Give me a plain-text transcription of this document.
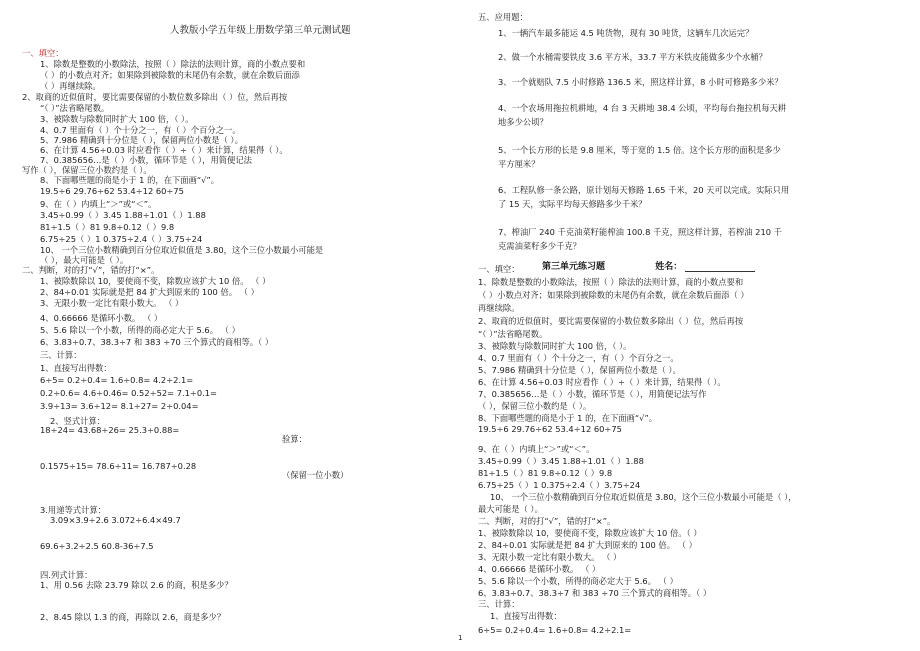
人教版小学五年级上册数学第三单元测试题
一、填空：
1、除数是整数的小数除法，按照（ ）除法的法则计算，商的小数点要和
（ ）的小数点对齐；如果除到被除数的末尾仍有余数，就在余数后面添
（ ）再继续除。
2、取商的近似值时，要比需要保留的小数位数多除出（ ）位，然后再按
“（ ）”法省略尾数。
3、被除数与除数同时扩大 100 倍，（ ）。
4、0.7 里面有（ ）个十分之一，有（ ）个百分之一。
5、7.986 精确到十分位是（ ），保留两位小数是（ ）。
6、在计算 4.56÷0.03 时应看作（ ）÷（ ）来计算，结果得（ ）。
7、0.385656…是（ ）小数，循环节是（ ），用简便记法
写作（ ），保留三位小数约是（ ）。
8、下面哪些题的商是小于 1 的，在下面画“√”。
19.5÷6 29.76÷62 53.4÷12 60÷75
9、在（ ）内填上“＞”或“＜”。
3.45÷0.99（ ）3.45 1.88÷1.01（ ）1.88
81÷1.5（ ）81 9.8÷0.12（ ）9.8
6.75÷25（ ）1 0.375÷2.4（ ）3.75÷24
10、 一个三位小数精确到百分位取近似值是 3.80，这个三位小数最小可能是
（ ），最大可能是（ ）。
二、判断，对的打“√”，错的打“×”。
1、被除数除以 10，要使商不变，除数应该扩大 10 倍。 （ ）
2、84÷0.01 实际就是把 84 扩大到原来的 100 倍。 （ ）
3、无限小数一定比有限小数大。 （ ）
4、0.66666 是循环小数。 （ ）
5、5.6 除以一个小数，所得的商必定大于 5.6。 （ ）
6、3.83÷0.7、38.3÷7 和 383 ÷70 三个算式的商相等。（ ）
三、计算：
1、直接写出得数：
6÷5= 0.2÷0.4= 1.6÷0.8= 4.2÷2.1=
0.2÷0.6= 4.6÷0.46= 0.52÷52= 7.1÷0.1=
3.9÷13= 3.6÷12= 8.1÷27= 2÷0.04=
2、竖式计算：
18÷24= 43.68÷26= 25.3÷0.88=
验算：
0.1575÷15= 78.6÷11= 16.787÷0.28
（保留一位小数）
3.用递等式计算：
3.09×3.9÷2.6 3.072÷6.4×49.7
69.6÷3.2÷2.5 60.8-36÷7.5
四.列式计算：
1、用 0.56 去除 23.79 除以 2.6 的商，积是多少？
2、8.45 除以 1.3 的商，再除以 2.6，商是多少？
第三单元练习题	姓名：
五、应用题：
1、一辆汽车最多能运 4.5 吨货物，现有 30 吨货，这辆车几次运完？
2、做一个水桶需要铁皮 3.6 平方米，33.7 平方米铁皮能做多少个水桶？
3、一个就赔队 7.5 小时修路 136.5 米，照这样计算，8 小时可修路多少米？
4、一个农场用拖拉机耕地，4 台 3 天耕地 38.4 公顷，平均每台拖拉机每天耕
地多少公顷？
5、一个长方形的长是 9.8 厘米，等于宽的 1.5 倍。这个长方形的面积是多少
平方厘米？
6、工程队修一条公路，原计划每天修路 1.65 千米，20 天可以完成。实际只用
了 15 天，实际平均每天修路多少千米？
7、榨油厂 240 千克油菜籽能榨油 100.8 千克，照这样计算，若榨油 210 千
克需油菜籽多少千克？
一、填空：
1、除数是整数的小数除法，按照（ ）除法的法则计算，商的小数点要和
（ ）小数点对齐；如果除到被除数的末尾仍有余数，就在余数后面添（ ）
再继续除。
2、取商的近似值时，要比需要保留的小数位数多除出（ ）位，然后再按
“（ ）”法省略尾数。
3、被除数与除数同时扩大 100 倍，（ ）。
4、0.7 里面有（ ）个十分之一，有（ ）个百分之一。
5、7.986 精确到十分位是（ ），保留两位小数是（ ）。
6、在计算 4.56÷0.03 时应看作（ ）÷（ ）来计算，结果得（ ）。
7、0.385656…是（ ）小数，循环节是（ ），用简便记法写作
（ ），保留三位小数约是（ ）。
8、下面哪些题的商是小于 1 的，在下面画“√”。
19.5÷6 29.76÷62 53.4÷12 60÷75
9、在（ ）内填上“＞”或“＜”。
3.45÷0.99（ ）3.45 1.88÷1.01（ ）1.88
81÷1.5（ ）81 9.8÷0.12（ ）9.8
6.75÷25（ ）1 0.375÷2.4（ ）3.75÷24
10、 一个三位小数精确到百分位取近似值是 3.80，这个三位小数最小可能是（ ），
最大可能是（ ）。
二、判断，对的打“√”，错的打“×”。
1、被除数除以 10，要使商不变，除数应该扩大 10 倍。（ ）
2、84÷0.01 实际就是把 84 扩大到原来的 100 倍。 （ ）
3、无限小数一定比有限小数大。 （ ）
4、0.66666 是循环小数。 （ ）
5、5.6 除以一个小数，所得的商必定大于 5.6。 （ ）
6、3.83÷0.7、38.3÷7 和 383 ÷70 三个算式的商相等。（ ）
三、计算：
1、直接写出得数：
6÷5= 0.2÷0.4= 1.6÷0.8= 4.2÷2.1=
1
